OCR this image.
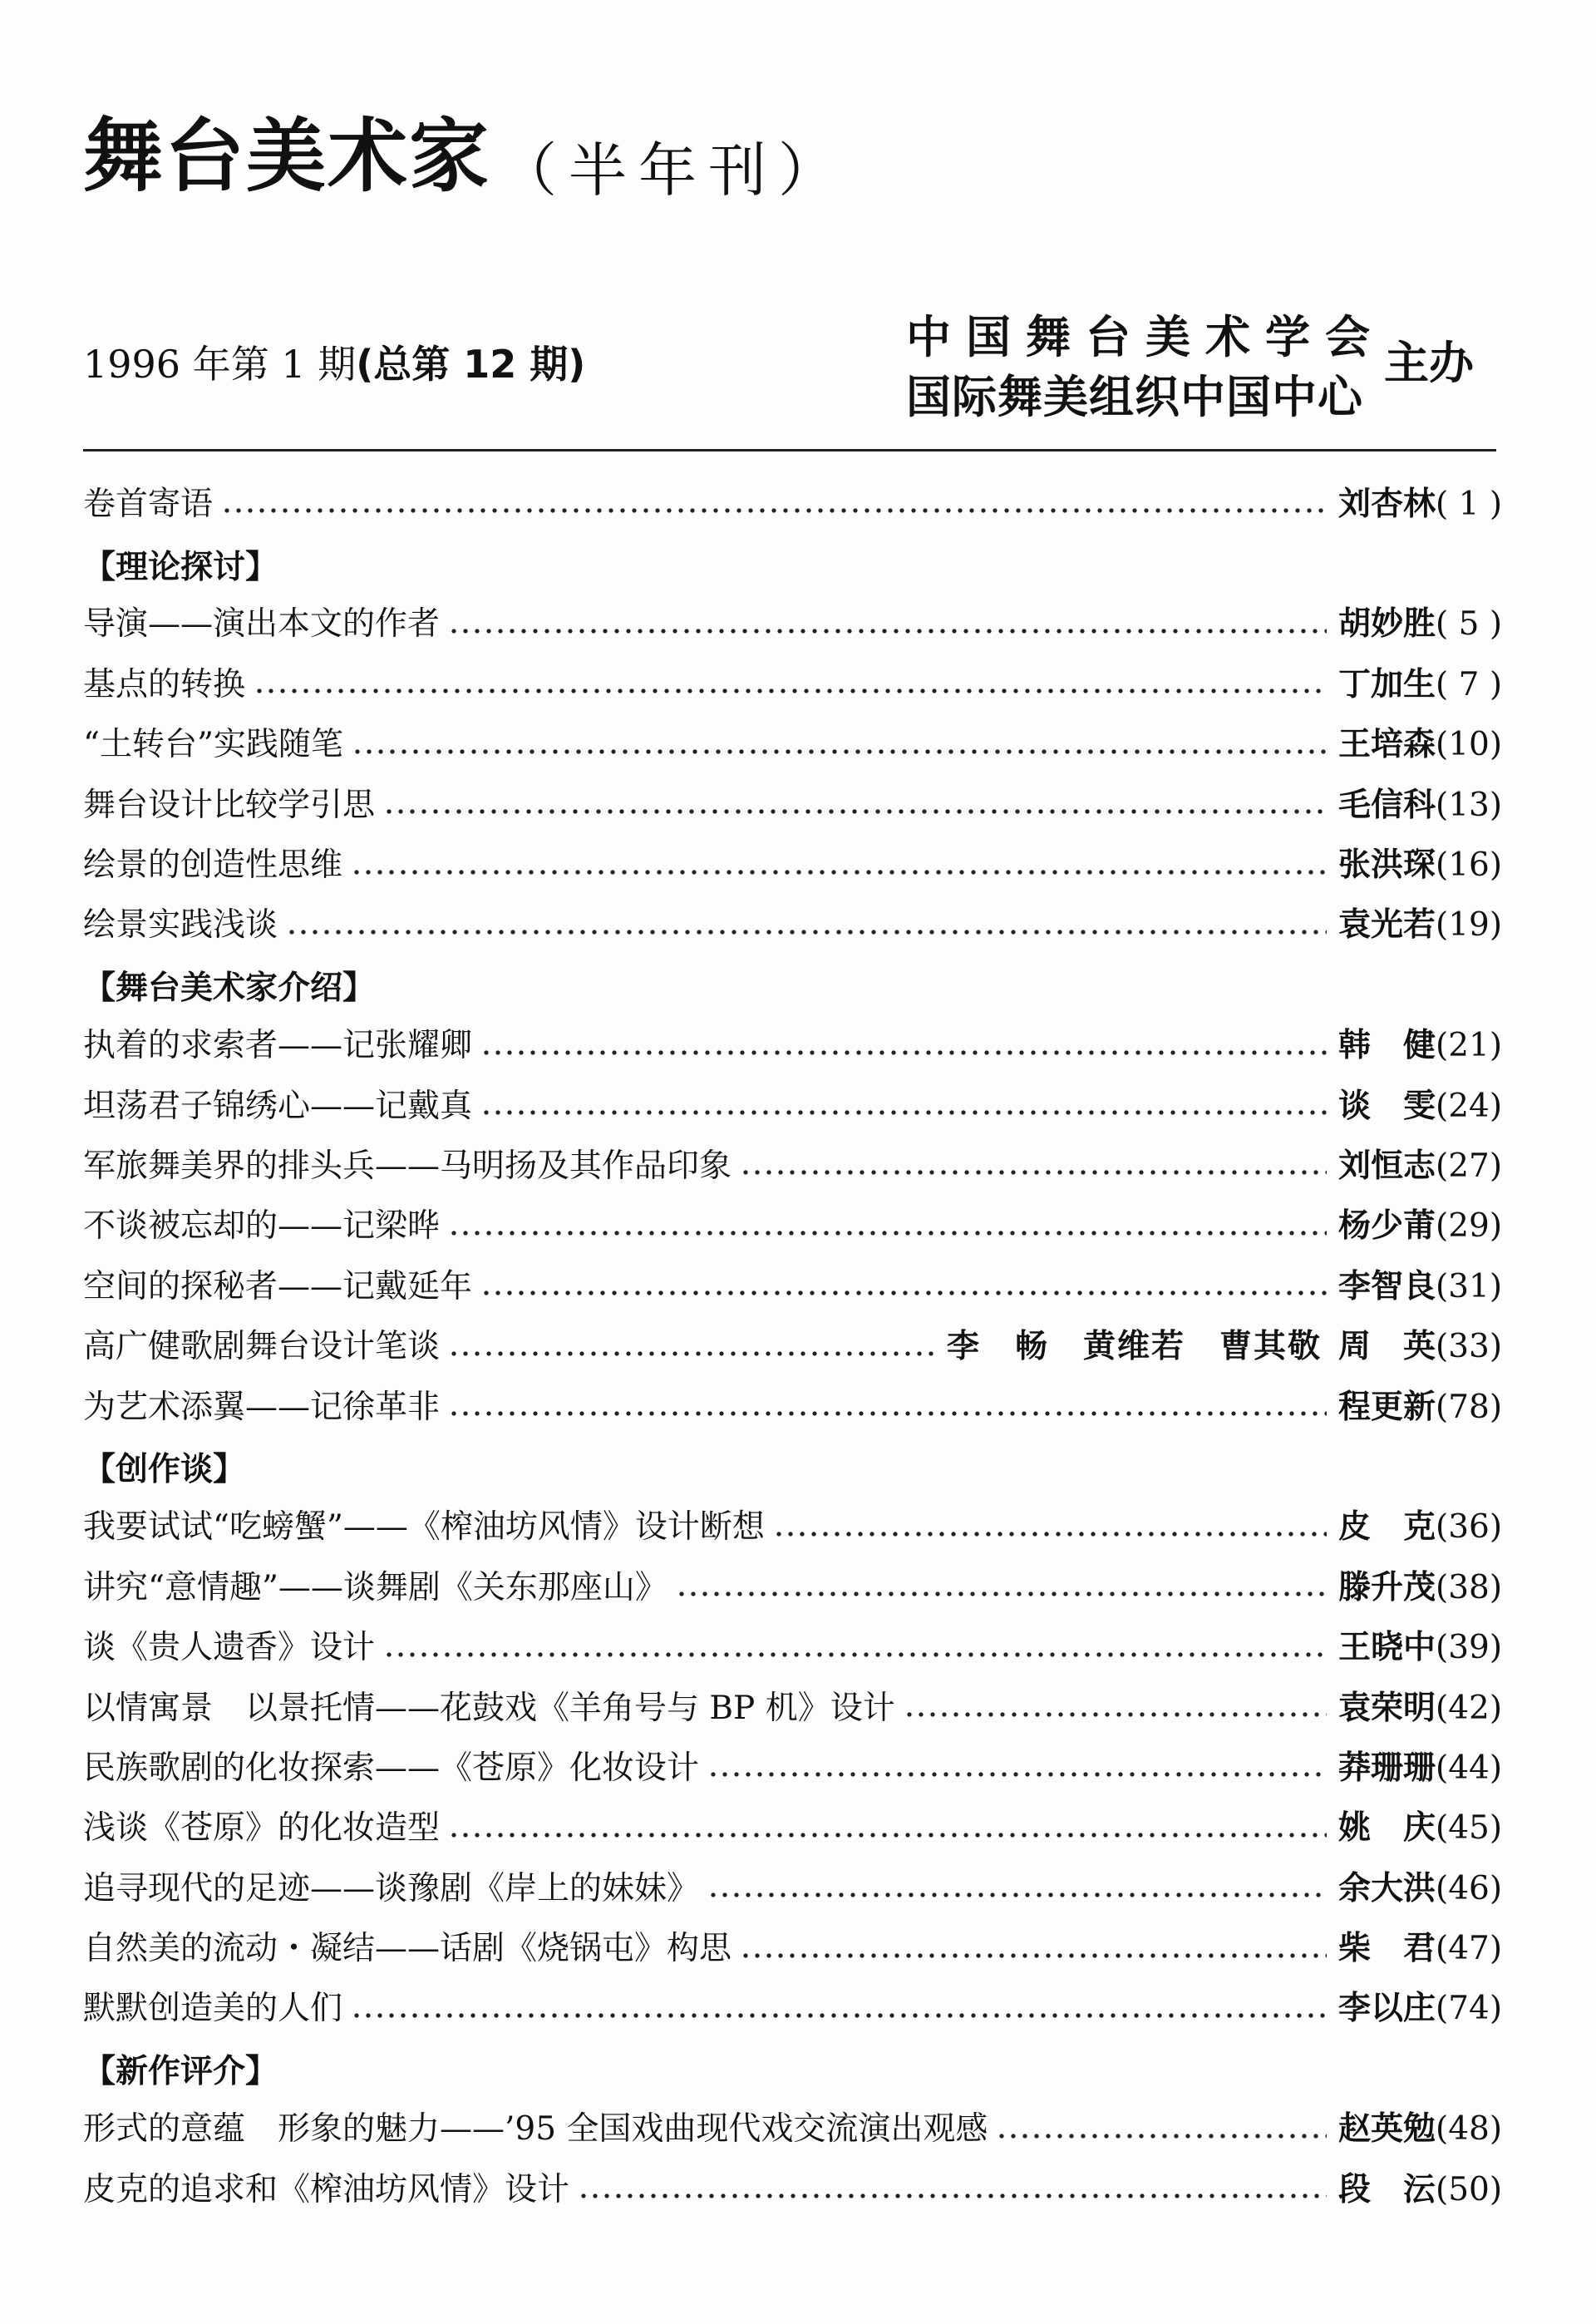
舞台美术家 （半年刊）
1996 年第 1 期(总第 12 期)
中国舞台美术学会
国际舞美组织中国中心
主办
卷首寄语	刘杏林( 1 )
【理论探讨】
导演——演出本文的作者	胡妙胜( 5 )
基点的转换	丁加生( 7 )
“土转台”实践随笔	王培森(10)
舞台设计比较学引思	毛信科(13)
绘景的创造性思维	张洪琛(16)
绘景实践浅谈	袁光若(19)
【舞台美术家介绍】
执着的求索者——记张耀卿	韩　健(21)
坦荡君子锦绣心——记戴真	谈　雯(24)
军旅舞美界的排头兵——马明扬及其作品印象	刘恒志(27)
不谈被忘却的——记梁晔	杨少莆(29)
空间的探秘者——记戴延年	李智良(31)
高广健歌剧舞台设计笔谈	李　畅　黄维若　曹其敬 周　英(33)
为艺术添翼——记徐革非	程更新(78)
【创作谈】
我要试试“吃螃蟹”——《榨油坊风情》设计断想	皮　克(36)
讲究“意情趣”——谈舞剧《关东那座山》	滕升茂(38)
谈《贵人遗香》设计	王晓中(39)
以情寓景　以景托情——花鼓戏《羊角号与 BP 机》设计	袁荣明(42)
民族歌剧的化妆探索——《苍原》化妆设计	莽珊珊(44)
浅谈《苍原》的化妆造型	姚　庆(45)
追寻现代的足迹——谈豫剧《岸上的妹妹》	余大洪(46)
自然美的流动・凝结——话剧《烧锅屯》构思	柴　君(47)
默默创造美的人们	李以庄(74)
【新作评介】
形式的意蕴　形象的魅力——’95 全国戏曲现代戏交流演出观感	赵英勉(48)
皮克的追求和《榨油坊风情》设计	段　沄(50)
